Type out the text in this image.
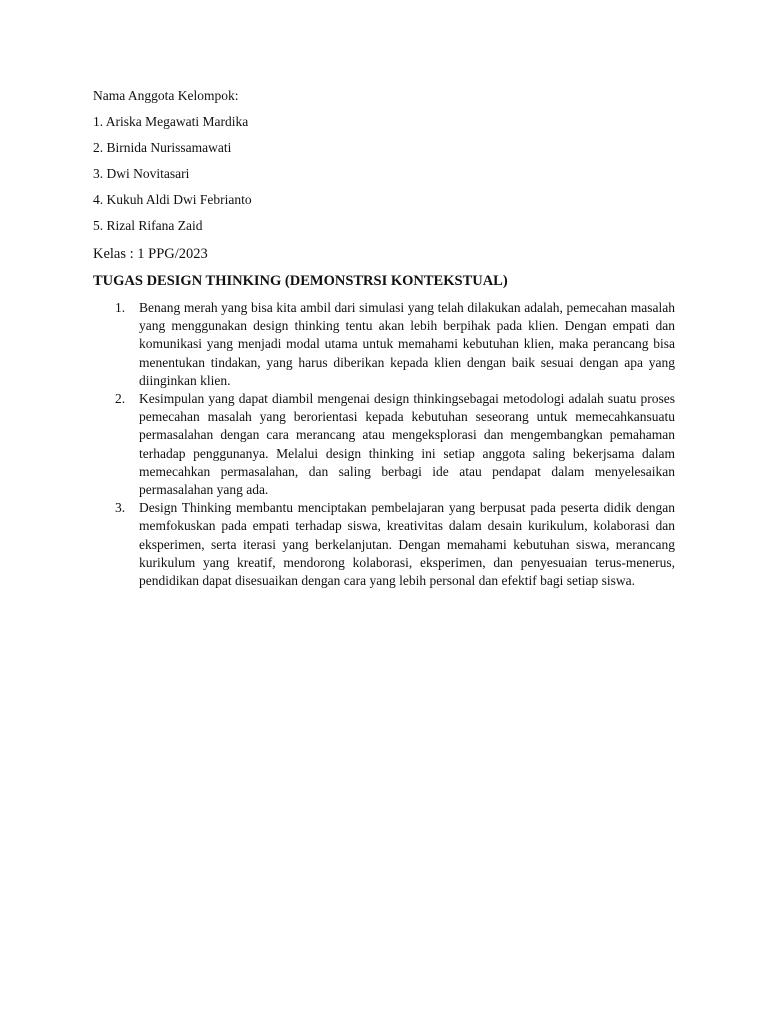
Nama Anggota Kelompok:
1. Ariska Megawati Mardika
2. Birnida Nurissamawati
3. Dwi Novitasari
4. Kukuh Aldi Dwi Febrianto
5. Rizal Rifana Zaid
Kelas : 1 PPG/2023
TUGAS DESIGN THINKING (DEMONSTRSI KONTEKSTUAL)
1. Benang merah yang bisa kita ambil dari simulasi yang telah dilakukan adalah, pemecahan masalah yang menggunakan design thinking tentu akan lebih berpihak pada klien. Dengan empati dan komunikasi yang menjadi modal utama untuk memahami kebutuhan klien, maka perancang bisa menentukan tindakan, yang harus diberikan kepada klien dengan baik sesuai dengan apa yang diinginkan klien.
2. Kesimpulan yang dapat diambil mengenai design thinkingsebagai metodologi adalah suatu proses pemecahan masalah yang berorientasi kepada kebutuhan seseorang untuk memecahkansuatu permasalahan dengan cara merancang atau mengeksplorasi dan mengembangkan pemahaman terhadap penggunanya. Melalui design thinking ini setiap anggota saling bekerjsama dalam memecahkan permasalahan, dan saling berbagi ide atau pendapat dalam menyelesaikan permasalahan yang ada.
3. Design Thinking membantu menciptakan pembelajaran yang berpusat pada peserta didik dengan memfokuskan pada empati terhadap siswa, kreativitas dalam desain kurikulum, kolaborasi dan eksperimen, serta iterasi yang berkelanjutan. Dengan memahami kebutuhan siswa, merancang kurikulum yang kreatif, mendorong kolaborasi, eksperimen, dan penyesuaian terus-menerus, pendidikan dapat disesuaikan dengan cara yang lebih personal dan efektif bagi setiap siswa.
